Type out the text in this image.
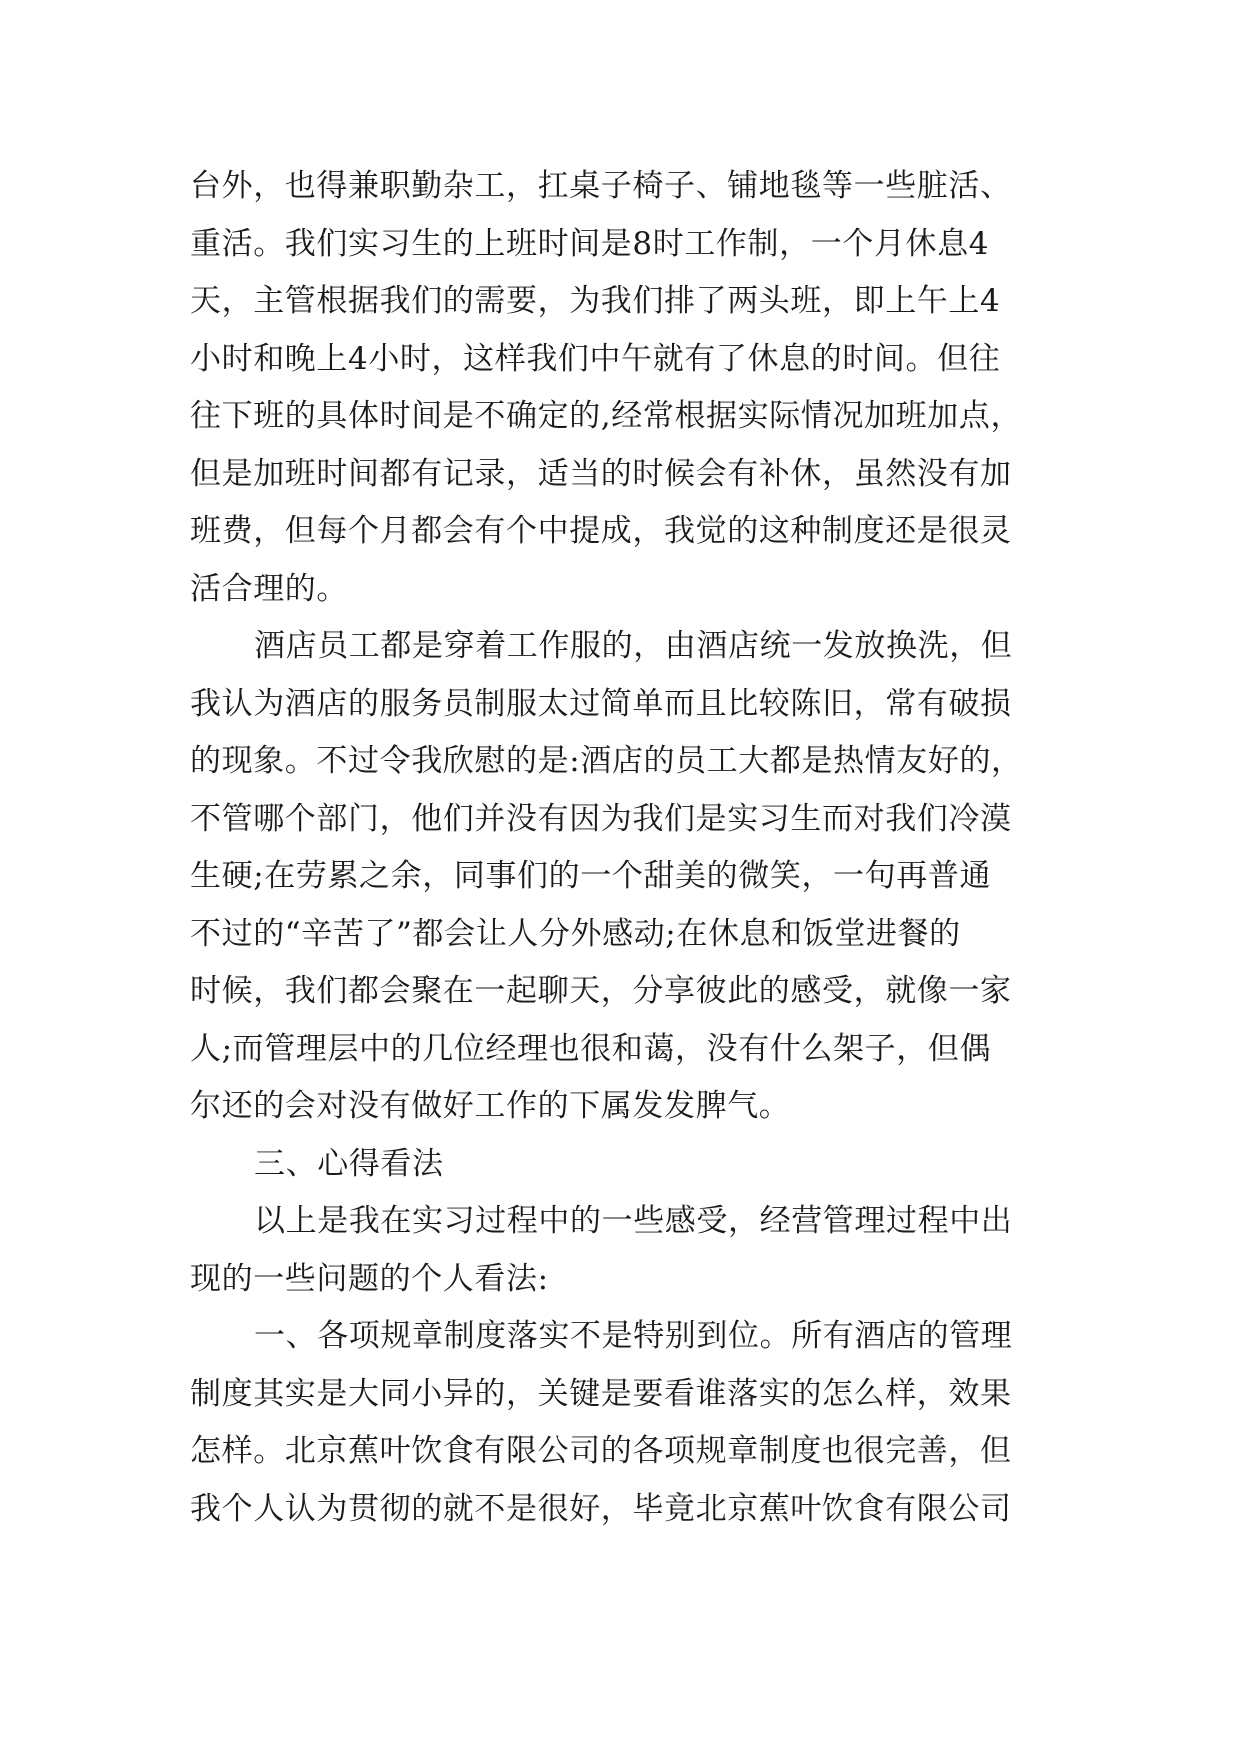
台外，也得兼职勤杂工，扛桌子椅子、铺地毯等一些脏活、
重活。我们实习生的上班时间是8时工作制，一个月休息4
天，主管根据我们的需要，为我们排了两头班，即上午上4
小时和晚上4小时，这样我们中午就有了休息的时间。但往
往下班的具体时间是不确定的,经常根据实际情况加班加点，
但是加班时间都有记录，适当的时候会有补休，虽然没有加
班费，但每个月都会有个中提成，我觉的这种制度还是很灵
活合理的。
酒店员工都是穿着工作服的，由酒店统一发放换洗，但
我认为酒店的服务员制服太过简单而且比较陈旧，常有破损
的现象。不过令我欣慰的是:酒店的员工大都是热情友好的，
不管哪个部门，他们并没有因为我们是实习生而对我们冷漠
生硬;在劳累之余，同事们的一个甜美的微笑，一句再普通
不过的“辛苦了”都会让人分外感动;在休息和饭堂进餐的
时候，我们都会聚在一起聊天，分享彼此的感受，就像一家
人;而管理层中的几位经理也很和蔼，没有什么架子，但偶
尔还的会对没有做好工作的下属发发脾气。
三、心得看法
以上是我在实习过程中的一些感受，经营管理过程中出
现的一些问题的个人看法:
一、各项规章制度落实不是特别到位。所有酒店的管理
制度其实是大同小异的，关键是要看谁落实的怎么样，效果
怎样。北京蕉叶饮食有限公司的各项规章制度也很完善，但
我个人认为贯彻的就不是很好，毕竟北京蕉叶饮食有限公司
